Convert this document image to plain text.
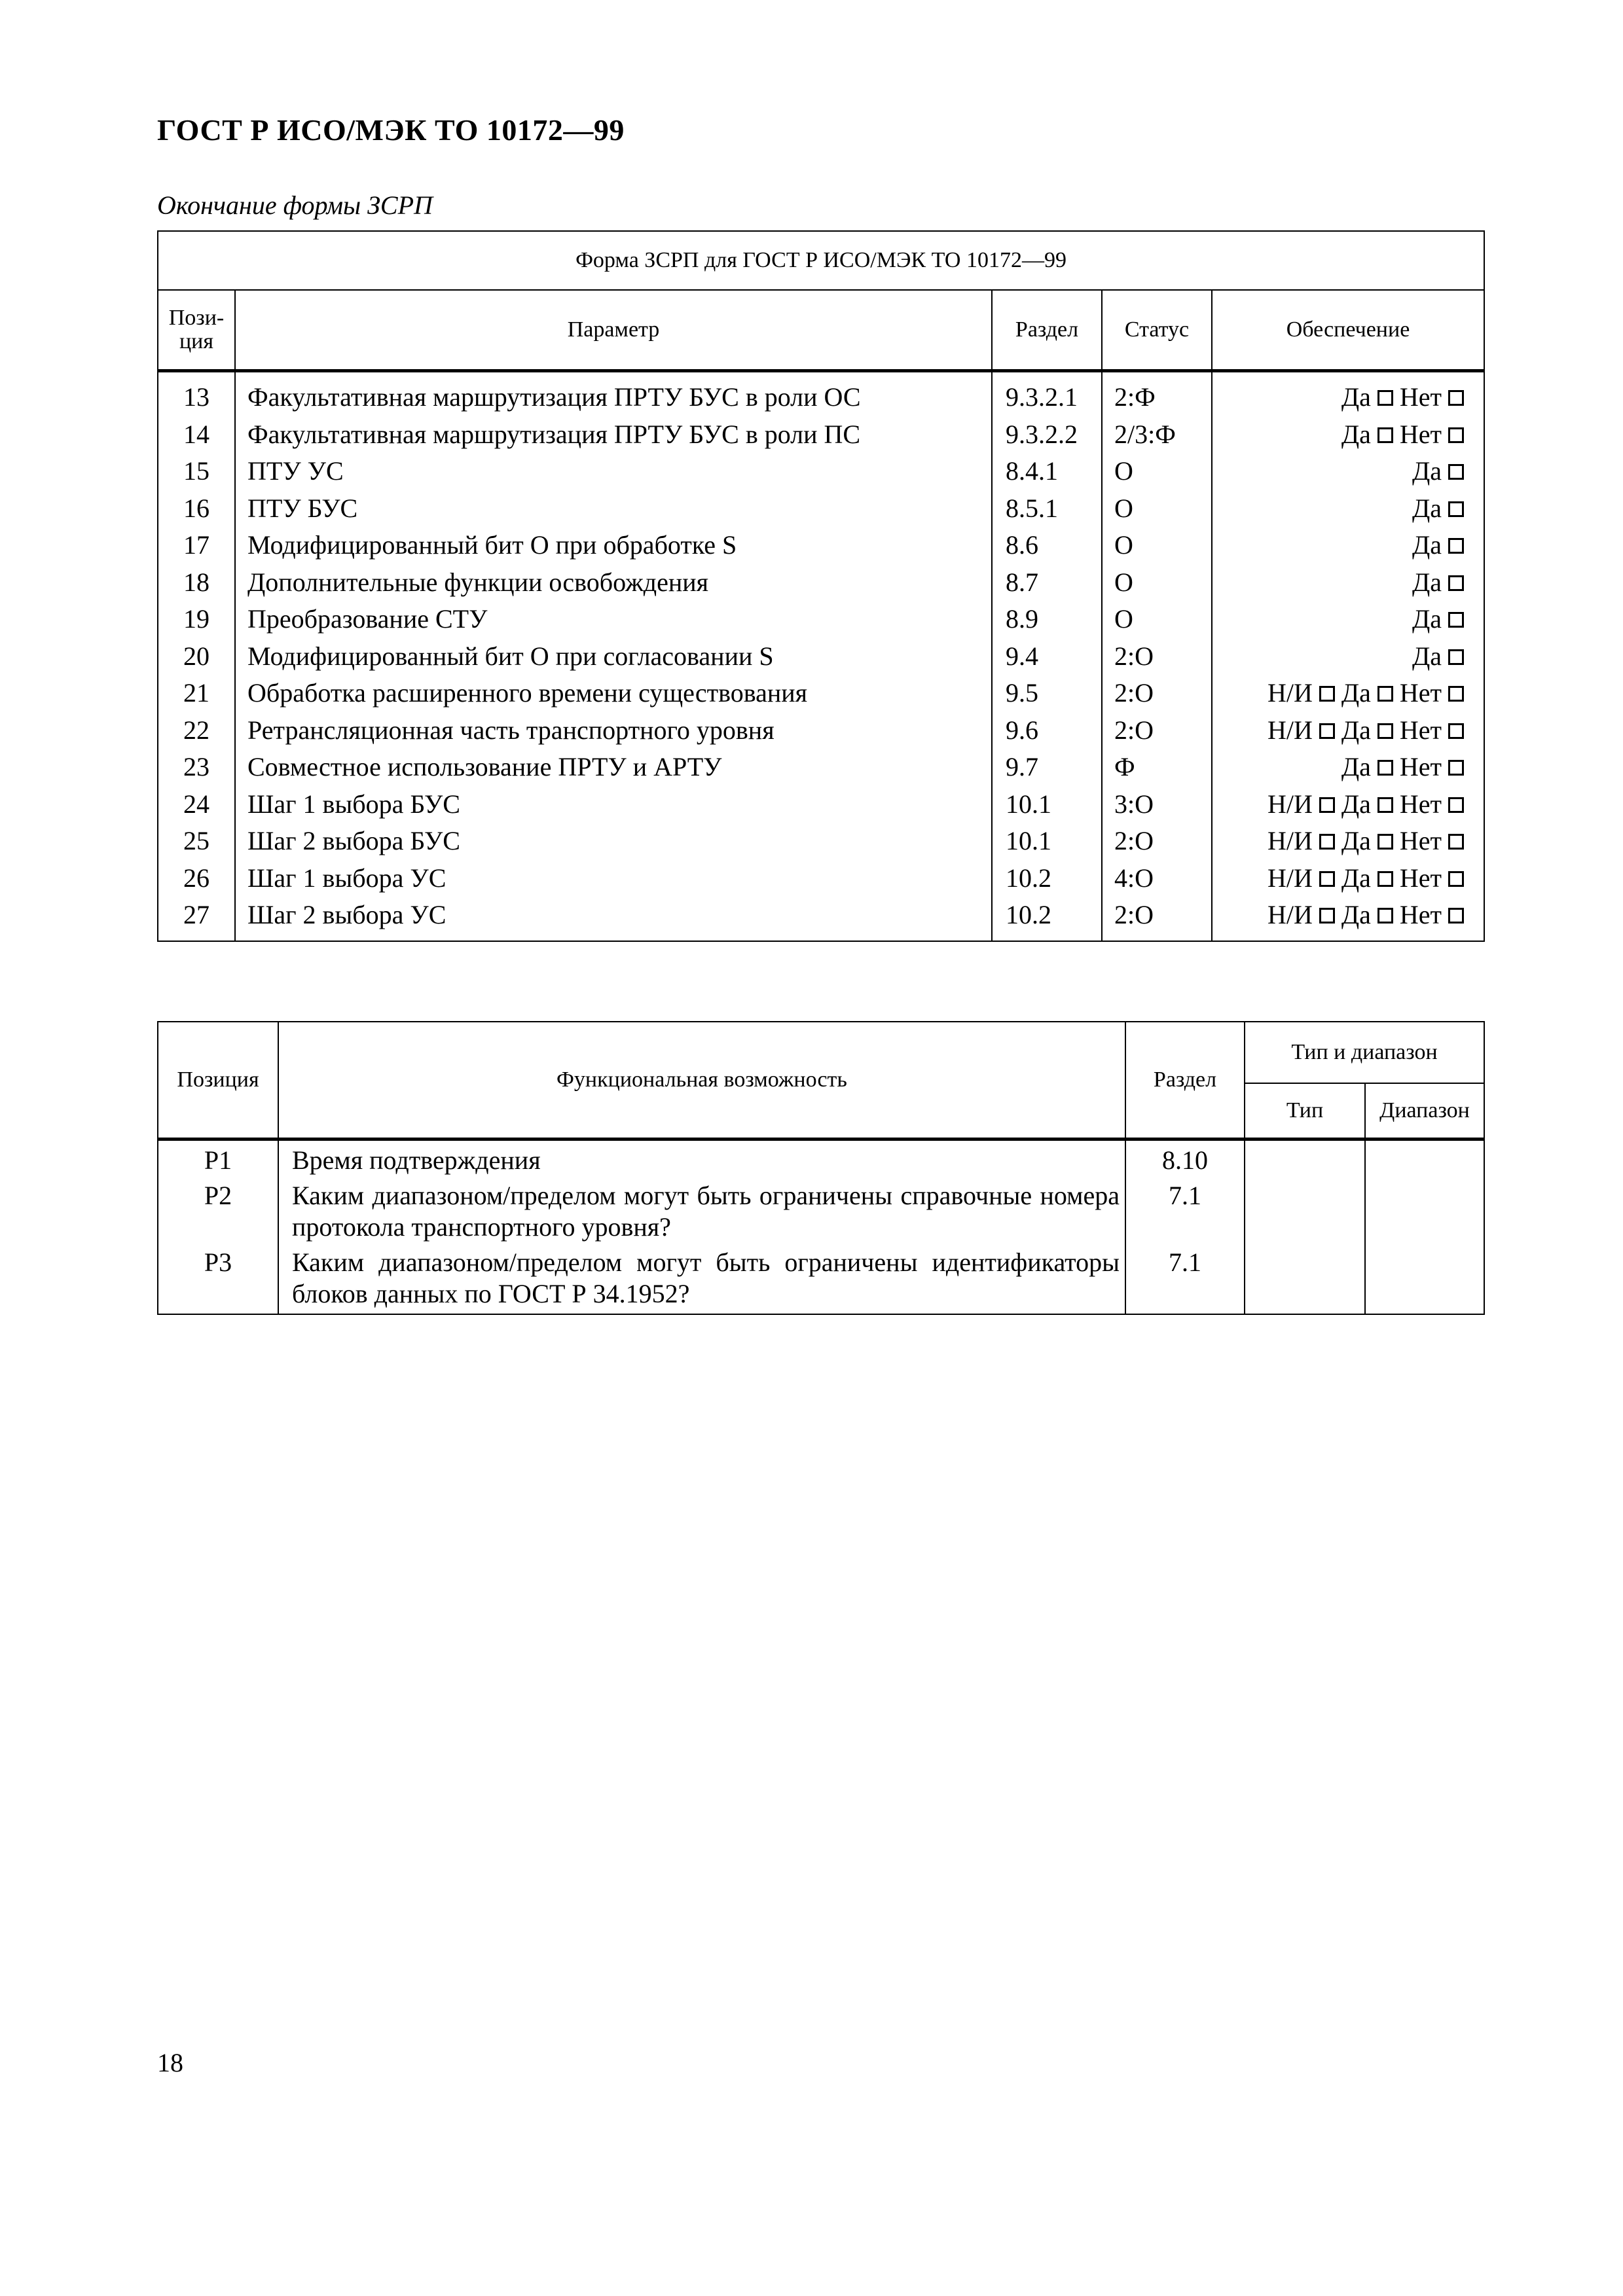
ГОСТ Р ИСО/МЭК ТО 10172—99
Окончание формы ЗСРП
Форма ЗСРП для ГОСТ Р ИСО/МЭК ТО 10172—99				

Пози-
ция	Параметр	Раздел	Статус	Обеспечение
13	Факультативная маршрутизация ПРТУ БУС в роли ОС	9.3.2.1	2:Ф	Да Нет
14	Факультативная маршрутизация ПРТУ БУС в роли ПС	9.3.2.2	2/3:Ф	Да Нет
15	ПТУ УС	8.4.1	О	Да
16	ПТУ БУС	8.5.1	О	Да
17	Модифицированный бит О при обработке S	8.6	О	Да
18	Дополнительные функции освобождения	8.7	О	Да
19	Преобразование СТУ	8.9	О	Да
20	Модифицированный бит О при согласовании S	9.4	2:О	Да
21	Обработка расширенного времени существования	9.5	2:О	Н/И Да Нет
22	Ретрансляционная часть транспортного уровня	9.6	2:О	Н/И Да Нет
23	Совместное использование ПРТУ и АРТУ	9.7	Ф	Да Нет
24	Шаг 1 выбора БУС	10.1	3:О	Н/И Да Нет
25	Шаг 2 выбора БУС	10.1	2:О	Н/И Да Нет
26	Шаг 1 выбора УС	10.2	4:О	Н/И Да Нет
27	Шаг 2 выбора УС	10.2	2:О	Н/И Да Нет
Позиция	Функциональная возможность	Раздел	Тип и диапазон	
			Тип	Диапазон
P1	Время подтверждения	8.10		
P2	Каким диапазоном/пределом могут быть ограничены справочные номера протокола транспортного уровня?	7.1		
P3	Каким диапазоном/пределом могут быть ограничены идентификаторы блоков данных по ГОСТ Р 34.1952?	7.1		
18
